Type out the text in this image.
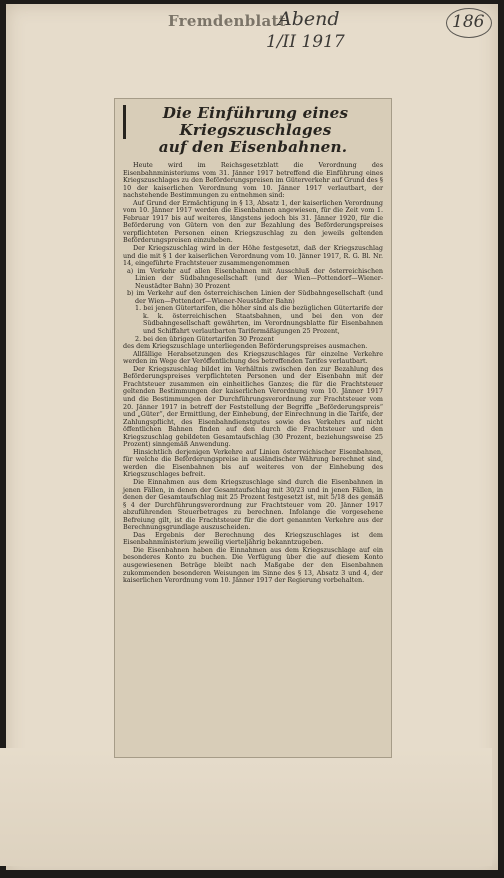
Fremdenblatt
Abend
1/II 1917
186
Die Einführung eines Kriegszuschlages
auf den Eisenbahnen.

Heute wird im Reichsgesetzblatt die Verordnung des Eisenbahnministeriums vom 31. Jänner 1917 betreffend die Einführung eines Kriegszuschlages zu den Beförderungspreisen im Güterverkehr auf Grund des § 10 der kaiserlichen Verordnung vom 10. Jänner 1917 verlautbart, der nachstehende Bestimmungen zu entnehmen sind:

Auf Grund der Ermächtigung in § 13, Absatz 1, der kaiserlichen Verordnung vom 10. Jänner 1917 werden die Eisenbahnen angewiesen, für die Zeit vom 1. Februar 1917 bis auf weiteres, längstens jedoch bis 31. Jänner 1920, für die Beförderung von Gütern von den zur Bezahlung des Beförderungspreises verpflichteten Personen einen Kriegszuschlag zu den jeweils geltenden Beförderungspreisen einzuheben.

Der Kriegszuschlag wird in der Höhe festgesetzt, daß der Kriegszuschlag und die mit § 1 der kaiserlichen Verordnung vom 10. Jänner 1917, R. G. Bl. Nr. 14, eingeführte Frachtsteuer zusammengenommen

a) im Verkehr auf allen Eisenbahnen mit Ausschluß der österreichischen Linien der Südbahngesellschaft (und der Wien—Pottendorf—Wiener-Neustädter Bahn) 30 Prozent

b) im Verkehr auf den österreichischen Linien der Südbahngesellschaft (und der Wien—Pottendorf—Wiener-Neustädter Bahn)

1. bei jenen Gütertarifen, die höher sind als die bezüglichen Gütertarife der k. k. österreichischen Staatsbahnen, und bei den von der Südbahngesellschaft gewährten, im Verordnungsblatte für Eisenbahnen und Schiffahrt verlautbarten Tarifermäßigungen 25 Prozent,

2. bei den übrigen Gütertarifen 30 Prozent

des dem Kriegszuschlage unterliegenden Beförderungspreises ausmachen.

Allfällige Herabsetzungen des Kriegszuschlages für einzelne Verkehre werden im Wege der Veröffentlichung des betreffenden Tarifes verlautbart.

Der Kriegszuschlag bildet im Verhältnis zwischen den zur Bezahlung des Beförderungspreises verpflichteten Personen und der Eisenbahn mit der Frachtsteuer zusammen ein einheitliches Ganzes; die für die Frachtsteuer geltenden Bestimmungen der kaiserlichen Verordnung vom 10. Jänner 1917 und die Bestimmungen der Durchführungsverordnung zur Frachtsteuer vom 20. Jänner 1917 in betreff der Feststellung der Begriffe „Beförderungspreis“ und „Güter“, der Ermittlung, der Einhebung, der Einrechnung in die Tarife, der Zahlungspflicht, des Eisenbahndienstgutes sowie des Verkehrs auf nicht öffentlichen Bahnen finden auf den durch die Frachtsteuer und den Kriegszuschlag gebildeten Gesamtaufschlag (30 Prozent, beziehungsweise 25 Prozent) sinngemäß Anwendung.

Hinsichtlich derjenigen Verkehre auf Linien österreichischer Eisenbahnen, für welche die Beförderungspreise in ausländischer Währung berechnet sind, werden die Eisenbahnen bis auf weiteres von der Einhebung des Kriegszuschlages befreit.

Die Einnahmen aus dem Kriegszuschlage sind durch die Eisenbahnen in jenen Fällen, in denen der Gesamtaufschlag mit 30/23 und in jenen Fällen, in denen der Gesamtaufschlag mit 25 Prozent festgesetzt ist, mit 5/18 des gemäß § 4 der Durchführungsverordnung zur Frachtsteuer vom 20. Jänner 1917 abzuführenden Steuerbetrages zu berechnen. Infolange die vorgesehene Befreiung gilt, ist die Frachtsteuer für die dort genannten Verkehre aus der Berechnungsgrundlage auszuscheiden.

Das Ergebnis der Berechnung des Kriegszuschlages ist dem Eisenbahnministerium jeweilig vierteljährig bekanntzugeben.

Die Eisenbahnen haben die Einnahmen aus dem Kriegszuschlage auf ein besonderes Konto zu buchen. Die Verfügung über die auf diesem Konto ausgewiesenen Beträge bleibt nach Maßgabe der den Eisenbahnen zukommenden besonderen Weisungen im Sinne des § 13, Absatz 3 und 4, der kaiserlichen Verordnung vom 10. Jänner 1917 der Regierung vorbehalten.
